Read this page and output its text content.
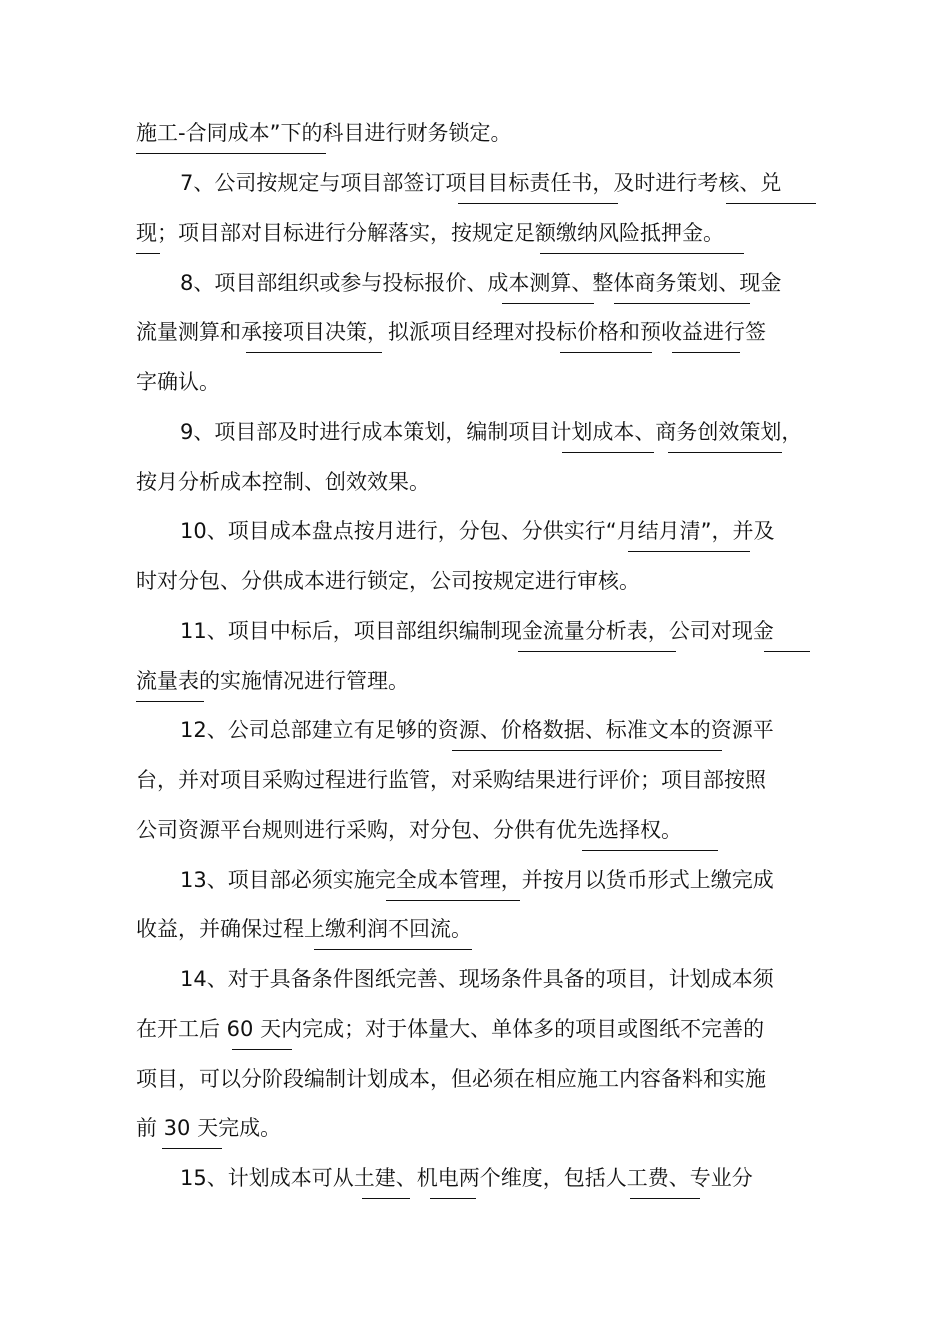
施工-合同成本”下的科目进行财务锁定。
7、公司按规定与项目部签订项目目标责任书，及时进行考核、兑
现；项目部对目标进行分解落实，按规定足额缴纳风险抵押金。
8、项目部组织或参与投标报价、成本测算、整体商务策划、现金
流量测算和承接项目决策，拟派项目经理对投标价格和预收益进行签
字确认。
9、项目部及时进行成本策划，编制项目计划成本、商务创效策划，
按月分析成本控制、创效效果。
10、项目成本盘点按月进行，分包、分供实行“月结月清”，并及
时对分包、分供成本进行锁定，公司按规定进行审核。
11、项目中标后，项目部组织编制现金流量分析表，公司对现金
流量表的实施情况进行管理。
12、公司总部建立有足够的资源、价格数据、标准文本的资源平
台，并对项目采购过程进行监管，对采购结果进行评价；项目部按照
公司资源平台规则进行采购，对分包、分供有优先选择权。
13、项目部必须实施完全成本管理，并按月以货币形式上缴完成
收益，并确保过程上缴利润不回流。
14、对于具备条件图纸完善、现场条件具备的项目，计划成本须
在开工后 60 天内完成；对于体量大、单体多的项目或图纸不完善的
项目，可以分阶段编制计划成本，但必须在相应施工内容备料和实施
前 30 天完成。
15、计划成本可从土建、机电两个维度，包括人工费、专业分
